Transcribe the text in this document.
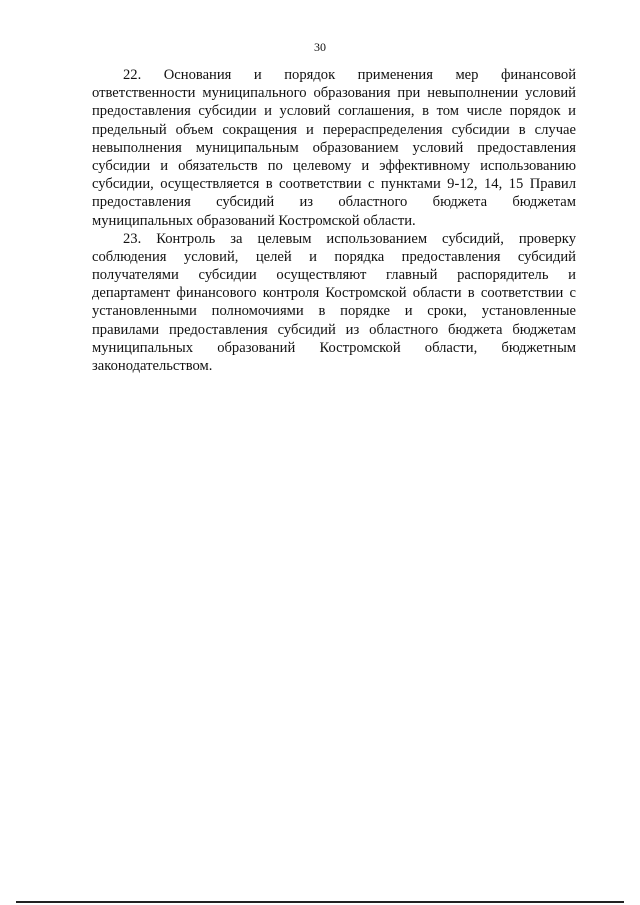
30
22. Основания и порядок применения мер финансовой
ответственности муниципального образования при невыполнении условий
предоставления субсидии и условий соглашения, в том числе порядок и
предельный объем сокращения и перераспределения субсидии в случае
невыполнения муниципальным образованием условий предоставления
субсидии и обязательств по целевому и эффективному использованию
субсидии, осуществляется в соответствии с пунктами 9-12, 14, 15 Правил
предоставления субсидий из областного бюджета бюджетам
муниципальных образований Костромской области.
23. Контроль за целевым использованием субсидий, проверку
соблюдения условий, целей и порядка предоставления субсидий
получателями субсидии осуществляют главный распорядитель и
департамент финансового контроля Костромской области в соответствии с
установленными полномочиями в порядке и сроки, установленные
правилами предоставления субсидий из областного бюджета бюджетам
муниципальных образований Костромской области, бюджетным
законодательством.
